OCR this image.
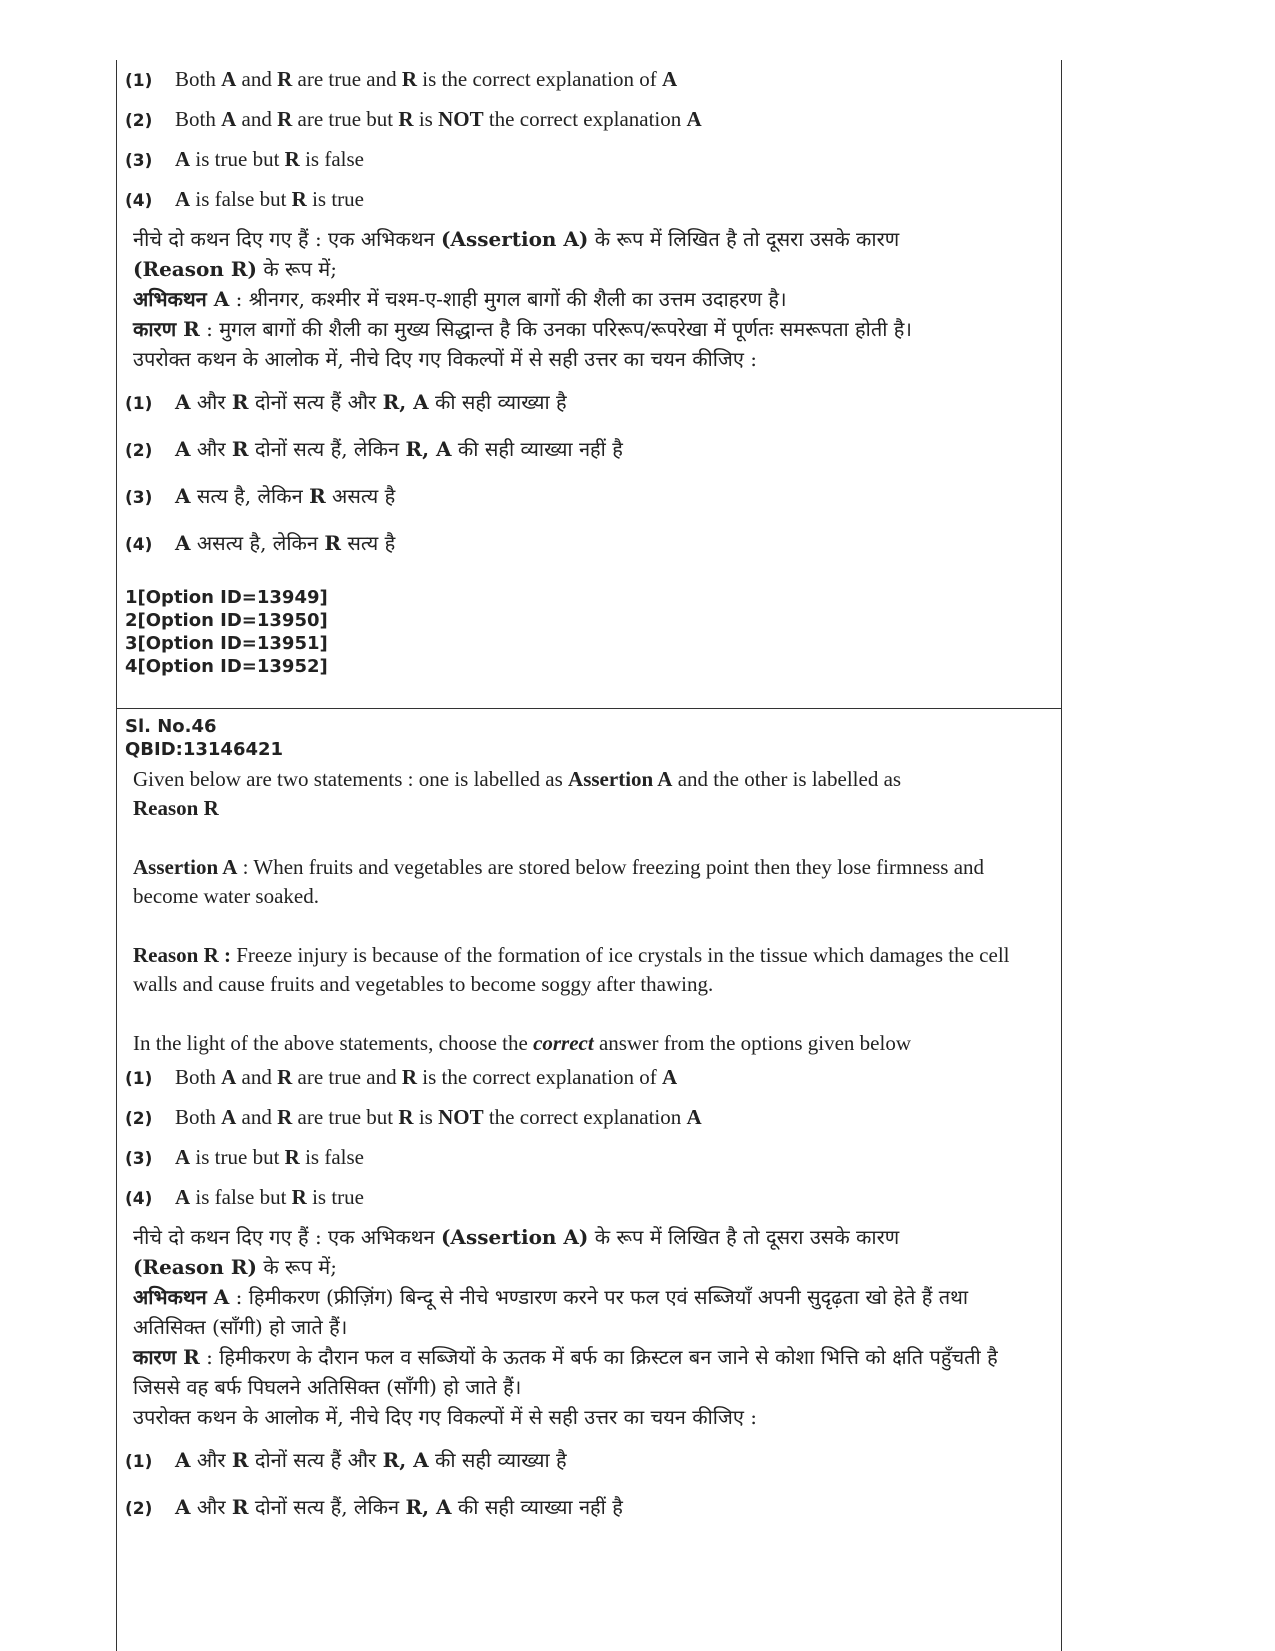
(1)	Both A and R are true and R is the correct explanation of A
(2)	Both A and R are true but R is NOT the correct explanation A
(3)	A is true but R is false
(4)	A is false but R is true

नीचे दो कथन दिए गए हैं : एक अभिकथन (Assertion A) के रूप में लिखित है तो दूसरा उसके कारण
(Reason R) के रूप में;

अभिकथन A : श्रीनगर, कश्मीर में चश्म-ए-शाही मुगल बागों की शैली का उत्तम उदाहरण है।

कारण R : मुगल बागों की शैली का मुख्य सिद्धान्त है कि उनका परिरूप/रूपरेखा में पूर्णतः समरूपता होती है।

उपरोक्त कथन के आलोक में, नीचे दिए गए विकल्पों में से सही उत्तर का चयन कीजिए :

(1)	A और R दोनों सत्य हैं और R, A की सही व्याख्या है
(2)	A और R दोनों सत्य हैं, लेकिन R, A की सही व्याख्या नहीं है
(3)	A सत्य है, लेकिन R असत्य है
(4)	A असत्य है, लेकिन R सत्य है
1[Option ID=13949]
2[Option ID=13950]
3[Option ID=13951]
4[Option ID=13952]
Sl. No.46
QBID:13146421

Given below are two statements : one is labelled as Assertion A and the other is labelled as
Reason R

Assertion A : When fruits and vegetables are stored below freezing point then they lose firmness and become water soaked.

Reason R : Freeze injury is because of the formation of ice crystals in the tissue which damages the cell walls and cause fruits and vegetables to become soggy after thawing.

In the light of the above statements, choose the correct answer from the options given below

(1)	Both A and R are true and R is the correct explanation of A
(2)	Both A and R are true but R is NOT the correct explanation A
(3)	A is true but R is false
(4)	A is false but R is true

नीचे दो कथन दिए गए हैं : एक अभिकथन (Assertion A) के रूप में लिखित है तो दूसरा उसके कारण
(Reason R) के रूप में;

अभिकथन A : हिमीकरण (फ्रीज़िंग) बिन्दू से नीचे भण्डारण करने पर फल एवं सब्जियाँ अपनी सुदृढ़ता खो हेते हैं तथा अतिसिक्त (सॉंगी) हो जाते हैं।

कारण R : हिमीकरण के दौरान फल व सब्जियों के ऊतक में बर्फ का क्रिस्टल बन जाने से कोशा भित्ति को क्षति पहुँचती है जिससे वह बर्फ पिघलने अतिसिक्त (सॉंगी) हो जाते हैं।

उपरोक्त कथन के आलोक में, नीचे दिए गए विकल्पों में से सही उत्तर का चयन कीजिए :

(1)	A और R दोनों सत्य हैं और R, A की सही व्याख्या है
(2)	A और R दोनों सत्य हैं, लेकिन R, A की सही व्याख्या नहीं है
